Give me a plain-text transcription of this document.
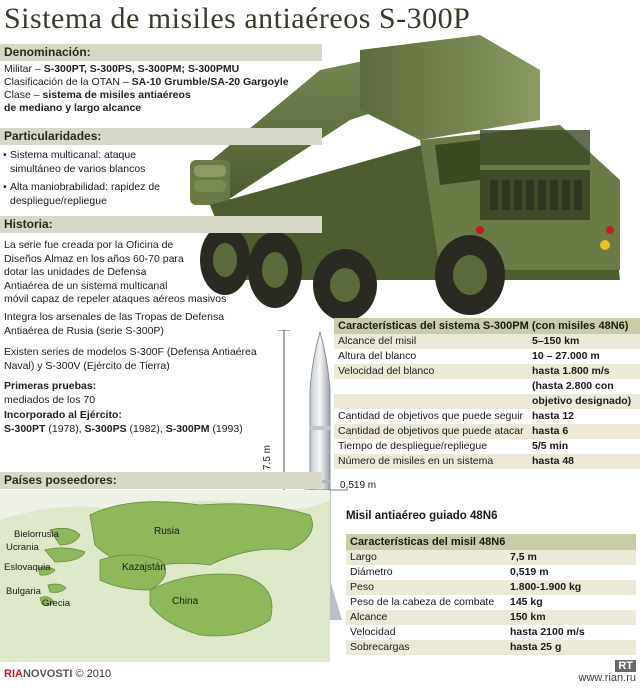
Sistema de misiles antiaéreos S-300P
Denominación:
Militar – S-300PT, S-300PS, S-300PM; S-300PMU
Clasificación de la OTAN – SA-10 Grumble/SA-20 Gargoyle
Clase – sistema de misiles antiaéreos
de mediano y largo alcance
Particularidades:
• Sistema multicanal: ataque
simultáneo de varios blancos
• Alta maniobrabilidad: rapidez de
despliegue/repliegue
Historia:
La serie fue creada por la Oficina de
Diseños Almaz en los años 60-70 para
dotar las unidades de Defensa
Antiaérea de un sistema multicanal
móvil capaz de repeler ataques aéreos masivos
Integra los arsenales de las Tropas de Defensa
Antiaérea de Rusia (serie S-300P)
Existen series de modelos S-300F (Defensa Antiaérea
Naval) y S-300V (Ejército de Tierra)
Primeras pruebas:
mediados de los 70
Incorporado al Ejército:
S-300PT (1978), S-300PS (1982), S-300PM (1993)
Características del sistema S-300PM (con misiles 48N6)
Alcance del misil	5–150 km
Altura del blanco	10 – 27.000 m
Velocidad del blanco	hasta 1.800 m/s
(hasta 2.800 con
objetivo designado)
Cantidad de objetivos que puede seguir hasta 12
Cantidad de objetivos que puede atacar hasta 6
Tiempo de despliegue/repliegue	5/5 min
Número de misiles en un sistema	hasta 48
7,5 m
0,519 m
Misil antiaéreo guiado 48N6
Características del misil 48N6
Largo	7,5 m
Diámetro	0,519 m
Peso	1.800-1.900 kg
Peso de la cabeza de combate	145 kg
Alcance	150 km
Velocidad	hasta 2100 m/s
Sobrecargas	hasta 25 g
Países poseedores:
Bielorrusia
Ucrania
Eslovaquia
Bulgaria
Grecia
Rusia
Kazajstán
China
RIANOVOSTI © 2010
RT
www.rian.ru
